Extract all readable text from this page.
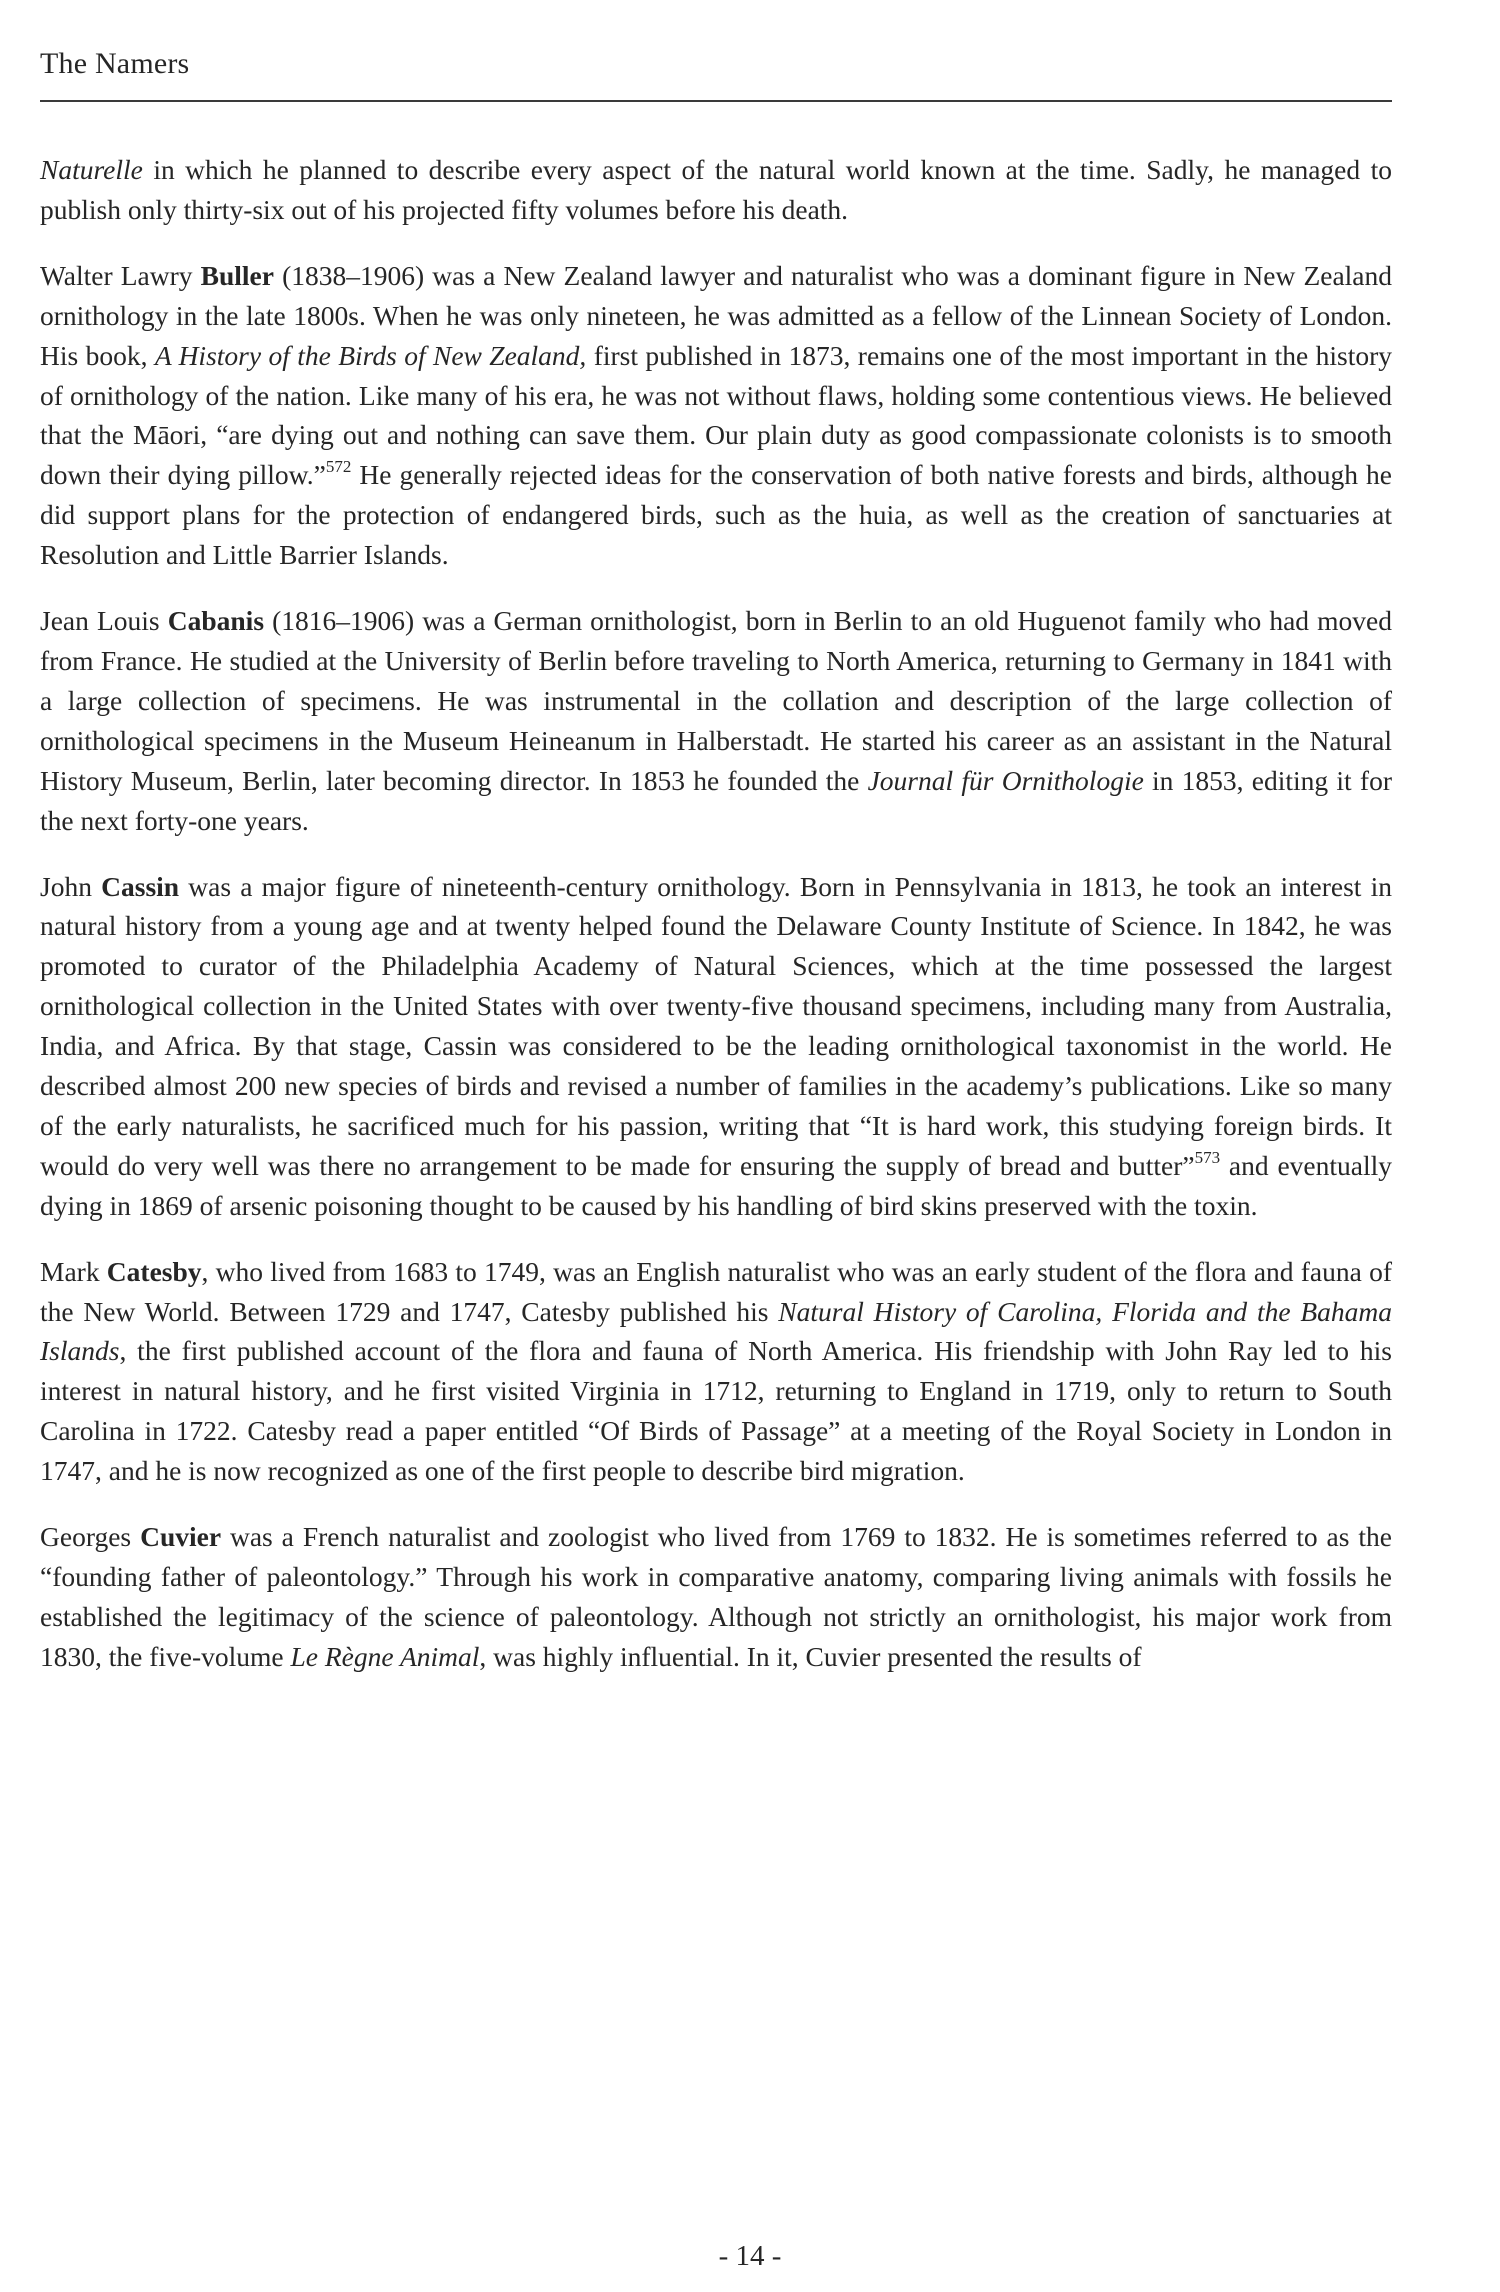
The Namers

Naturelle in which he planned to describe every aspect of the natural world known at the time. Sadly, he managed to publish only thirty-six out of his projected fifty volumes before his death.

Walter Lawry Buller (1838–1906) was a New Zealand lawyer and naturalist who was a dominant figure in New Zealand ornithology in the late 1800s. When he was only nineteen, he was admitted as a fellow of the Linnean Society of London. His book, A History of the Birds of New Zealand, first published in 1873, remains one of the most important in the history of ornithology of the nation. Like many of his era, he was not without flaws, holding some contentious views. He believed that the Māori, “are dying out and nothing can save them. Our plain duty as good compassionate colonists is to smooth down their dying pillow.”$^{572}$ He generally rejected ideas for the conservation of both native forests and birds, although he did support plans for the protection of endangered birds, such as the huia, as well as the creation of sanctuaries at Resolution and Little Barrier Islands.

Jean Louis Cabanis (1816–1906) was a German ornithologist, born in Berlin to an old Huguenot family who had moved from France. He studied at the University of Berlin before traveling to North America, returning to Germany in 1841 with a large collection of specimens. He was instrumental in the collation and description of the large collection of ornithological specimens in the Museum Heineanum in Halberstadt. He started his career as an assistant in the Natural History Museum, Berlin, later becoming director. In 1853 he founded the Journal für Ornithologie in 1853, editing it for the next forty-one years.

John Cassin was a major figure of nineteenth-century ornithology. Born in Pennsylvania in 1813, he took an interest in natural history from a young age and at twenty helped found the Delaware County Institute of Science. In 1842, he was promoted to curator of the Philadelphia Academy of Natural Sciences, which at the time possessed the largest ornithological collection in the United States with over twenty-five thousand specimens, including many from Australia, India, and Africa. By that stage, Cassin was considered to be the leading ornithological taxonomist in the world. He described almost 200 new species of birds and revised a number of families in the academy’s publications. Like so many of the early naturalists, he sacrificed much for his passion, writing that “It is hard work, this studying foreign birds. It would do very well was there no arrangement to be made for ensuring the supply of bread and butter”$^{573}$ and eventually dying in 1869 of arsenic poisoning thought to be caused by his handling of bird skins preserved with the toxin.

Mark Catesby, who lived from 1683 to 1749, was an English naturalist who was an early student of the flora and fauna of the New World. Between 1729 and 1747, Catesby published his Natural History of Carolina, Florida and the Bahama Islands, the first published account of the flora and fauna of North America. His friendship with John Ray led to his interest in natural history, and he first visited Virginia in 1712, returning to England in 1719, only to return to South Carolina in 1722. Catesby read a paper entitled “Of Birds of Passage” at a meeting of the Royal Society in London in 1747, and he is now recognized as one of the first people to describe bird migration.

Georges Cuvier was a French naturalist and zoologist who lived from 1769 to 1832. He is sometimes referred to as the “founding father of paleontology.” Through his work in comparative anatomy, comparing living animals with fossils he established the legitimacy of the science of paleontology. Although not strictly an ornithologist, his major work from 1830, the five-volume Le Règne Animal, was highly influential. In it, Cuvier presented the results of

- 14 -
